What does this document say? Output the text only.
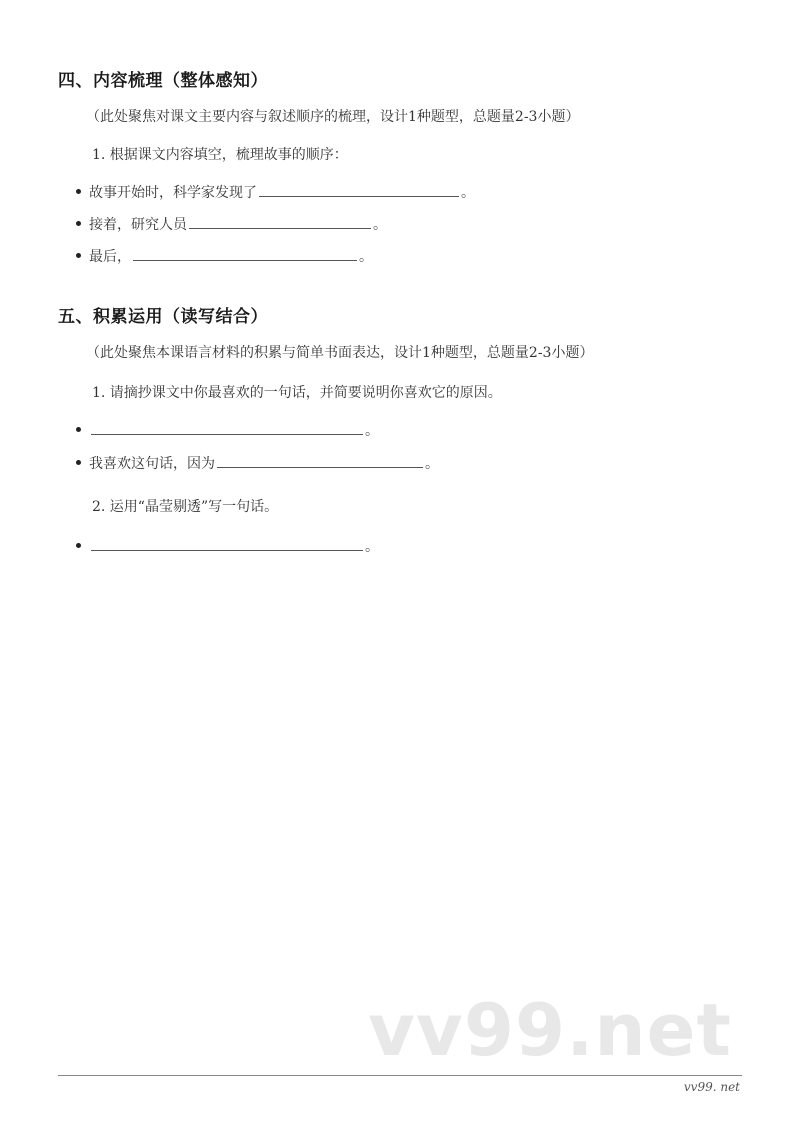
四、内容梳理（整体感知）
（此处聚焦对课文主要内容与叙述顺序的梳理，设计1种题型，总题量2-3小题）
1. 根据课文内容填空，梳理故事的顺序：
故事开始时，科学家发现了	。
接着，研究人员	。
最后，	。
五、积累运用（读写结合）
（此处聚焦本课语言材料的积累与简单书面表达，设计1种题型，总题量2-3小题）
1. 请摘抄课文中你最喜欢的一句话，并简要说明你喜欢它的原因。
。
我喜欢这句话，因为	。
2. 运用“晶莹剔透”写一句话。
。
vv99.net
vv99. net
